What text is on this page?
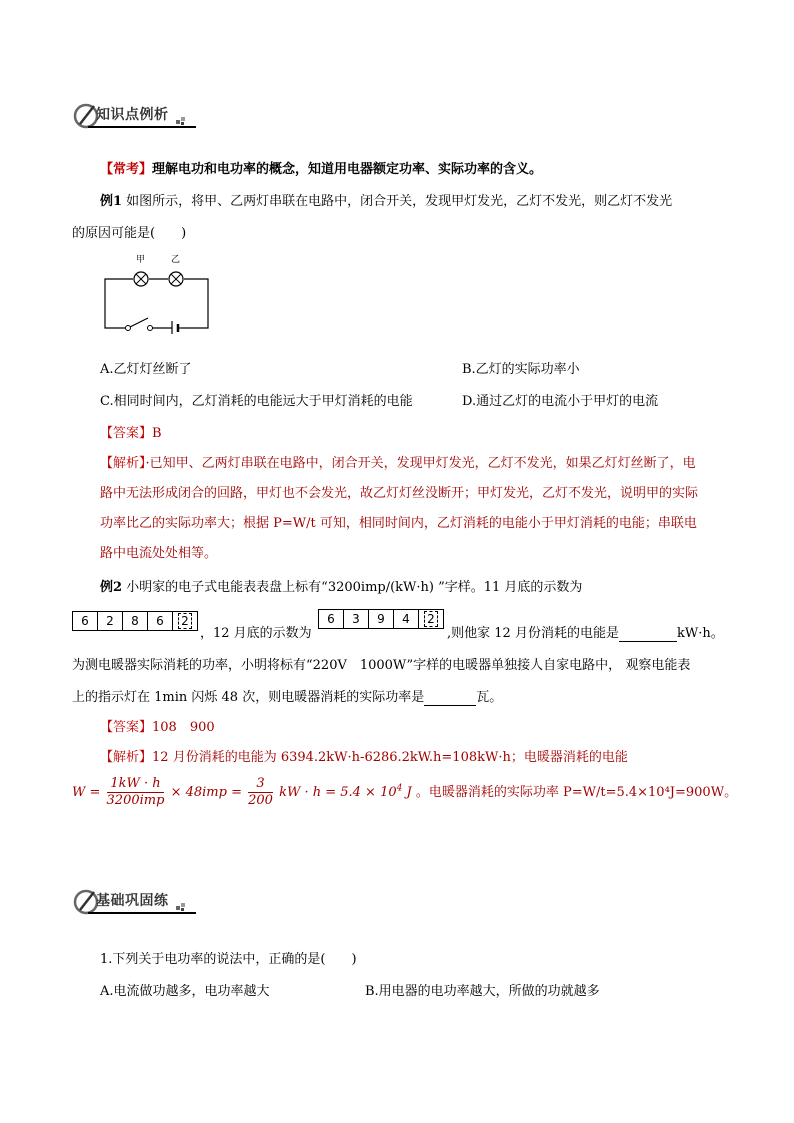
知识点例析
【常考】理解电功和电功率的概念，知道用电器额定功率、实际功率的含义。
例1 如图所示，将甲、乙两灯串联在电路中，闭合开关，发现甲灯发光，乙灯不发光，则乙灯不发光
的原因可能是(　　)
甲	乙
A.乙灯灯丝断了	B.乙灯的实际功率小
C.相同时间内，乙灯消耗的电能远大于甲灯消耗的电能	D.通过乙灯的电流小于甲灯的电流
【答案】B
【解析】·已知甲、乙两灯串联在电路中，闭合开关，发现甲灯发光，乙灯不发光，如果乙灯灯丝断了，电路中无法形成闭合的回路，甲灯也不会发光，故乙灯灯丝没断开；甲灯发光，乙灯不发光，说明甲的实际功率比乙的实际功率大；根据 P=W/t 可知，相同时间内，乙灯消耗的电能小于甲灯消耗的电能；串联电路中电流处处相等。
例2 小明家的电子式电能表表盘上标有“3200imp/(kW·h) ”字样。11 月底的示数为
6	2	8	6	2
，12 月底的示数为
6	3	9	4	2
,则他家 12 月份消耗的电能是	kW·h。
为测电暖器实际消耗的功率，小明将标有“220V　1000W”字样的电暖器单独接人自家电路中， 观察电能表
上的指示灯在 1min 闪烁 48 次，则电暖器消耗的实际功率是	瓦。
【答案】108　900
【解析】12 月份消耗的电能为 6394.2kW·h-6286.2kW.h=108kW·h；电暖器消耗的电能
$W = \frac{1kW \cdot h}{\text{3200imp}} \times 48imp = \frac{3}{200}$ kW · $h = 5.4 \times 10^4$ J 。电暖器消耗的实际功率 P=W/t=5.4×10⁴J=900W。
基础巩固练
1.下列关于电功率的说法中，正确的是(　　)
A.电流做功越多，电功率越大	B.用电器的电功率越大，所做的功就越多
